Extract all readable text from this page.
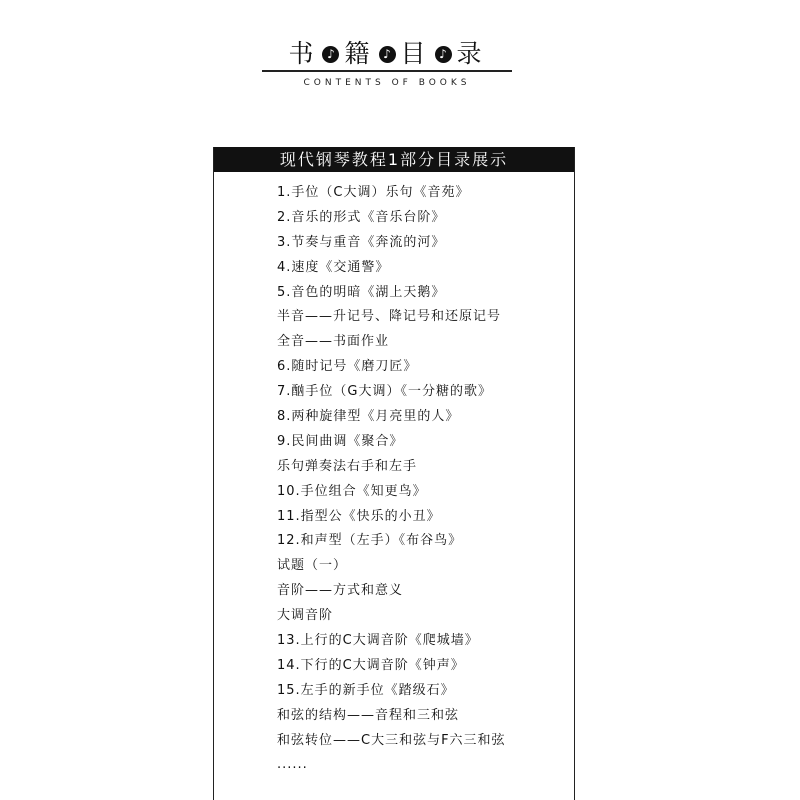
书 ♪ 籍 ♪ 目 ♪ 录
CONTENTS OF BOOKS
现代钢琴教程1部分目录展示
1.手位（C大调）乐句《音苑》
2.音乐的形式《音乐台阶》
3.节奏与重音《奔流的河》
4.速度《交通警》
5.音色的明暗《湖上天鹅》
半音——升记号、降记号和还原记号
全音——书面作业
6.随时记号《磨刀匠》
7.酗手位（G大调）《一分糖的歌》
8.两种旋律型《月亮里的人》
9.民间曲调《聚合》
乐句弹奏法右手和左手
10.手位组合《知更鸟》
11.指型公《快乐的小丑》
12.和声型（左手）《布谷鸟》
试题（一）
音阶——方式和意义
大调音阶
13.上行的C大调音阶《爬城墙》
14.下行的C大调音阶《钟声》
15.左手的新手位《踏级石》
和弦的结构——音程和三和弦
和弦转位——C大三和弦与F六三和弦
......
